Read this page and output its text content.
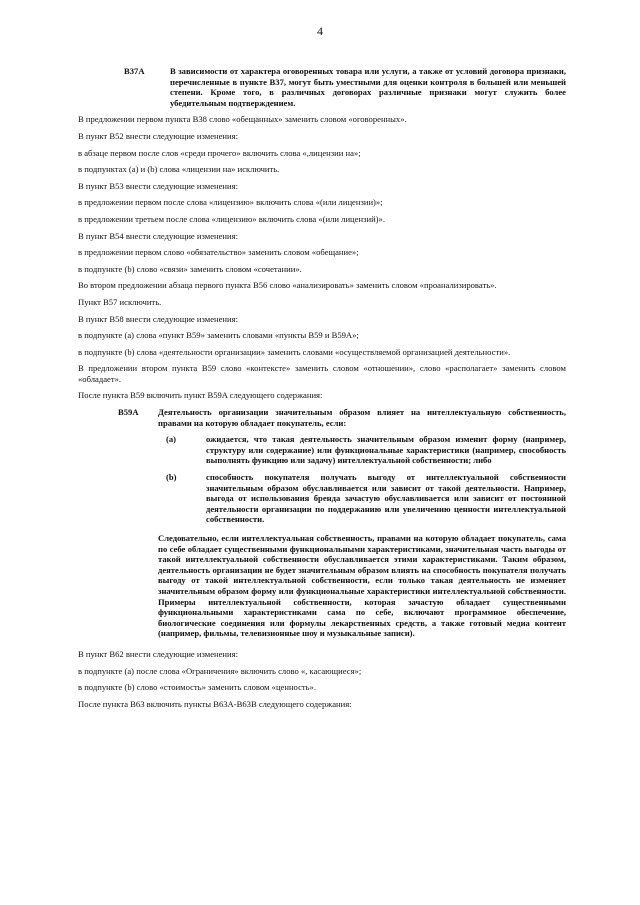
4
B37A	В зависимости от характера оговоренных товара или услуги, а также от условий договора признаки, перечисленные в пункте B37, могут быть уместными для оценки контроля в большей или меньшей степени. Кроме того, в различных договорах различные признаки могут служить более убедительным подтверждением.

В предложении первом пункта B38 слово «обещанных» заменить словом «оговоренных».

В пункт B52 внести следующие изменения:

в абзаце первом после слов «среди прочего» включить слова «,лицензии на»;

в подпунктах (a) и (b) слова «лицензии на» исключить.

В пункт B53 внести следующие изменения:

в предложении первом после слова «лицензию» включить слова «(или лицензии)»;

в предложении третьем после слова «лицензию» включить слова «(или лицензий)».

В пункт B54 внести следующие изменения:

в предложении первом слово «обязательство» заменить словом «обещание»;

в подпункте (b) слово «связи» заменить словом «сочетании».

Во втором предложении абзаца первого пункта B56 слово «анализировать» заменить словом «проанализировать».

Пункт B57 исключить.

В пункт B58 внести следующие изменения:

в подпункте (a) слова «пункт B59» заменить словами «пункты B59 и B59A»;

в подпункте (b) слова «деятельности организации» заменить словами «осуществляемой организацией деятельности».

В предложении втором пункта B59 слово «контексте» заменить словом «отношении», слово «располагает» заменить словом «обладает».

После пункта B59 включить пункт B59A следующего содержания:

B59A	Деятельность организации значительным образом влияет на интеллектуальную собственность, правами на которую обладает покупатель, если:
(a)	ожидается, что такая деятельность значительным образом изменит форму (например, структуру или содержание) или функциональные характеристики (например, способность выполнять функцию или задачу) интеллектуальной собственности; либо
(b)	способность покупателя получать выгоду от интеллектуальной собственности значительным образом обуславливается или зависит от такой деятельности. Например, выгода от использования бренда зачастую обуславливается или зависит от постоянной деятельности организации по поддержанию или увеличению ценности интеллектуальной собственности.
Следовательно, если интеллектуальная собственность, правами на которую обладает покупатель, сама по себе обладает существенными функциональными характеристиками, значительная часть выгоды от такой интеллектуальной собственности обуславливается этими характеристиками. Таким образом, деятельность организации не будет значительным образом влиять на способность покупателя получать выгоду от такой интеллектуальной собственности, если только такая деятельность не изменяет значительным образом форму или функциональные характеристики интеллектуальной собственности. Примеры интеллектуальной собственности, которая зачастую обладает существенными функциональными характеристиками сама по себе, включают программное обеспечение, биологические соединения или формулы лекарственных средств, а также готовый медиа контент (например, фильмы, телевизионные шоу и музыкальные записи).

В пункт B62 внести следующие изменения:

в подпункте (a) после слова «Ограничения» включить слово «, касающиеся»;

в подпункте (b) слово «стоимость» заменить словом «ценность».

После пункта B63 включить пункты B63A-B63B следующего содержания:
